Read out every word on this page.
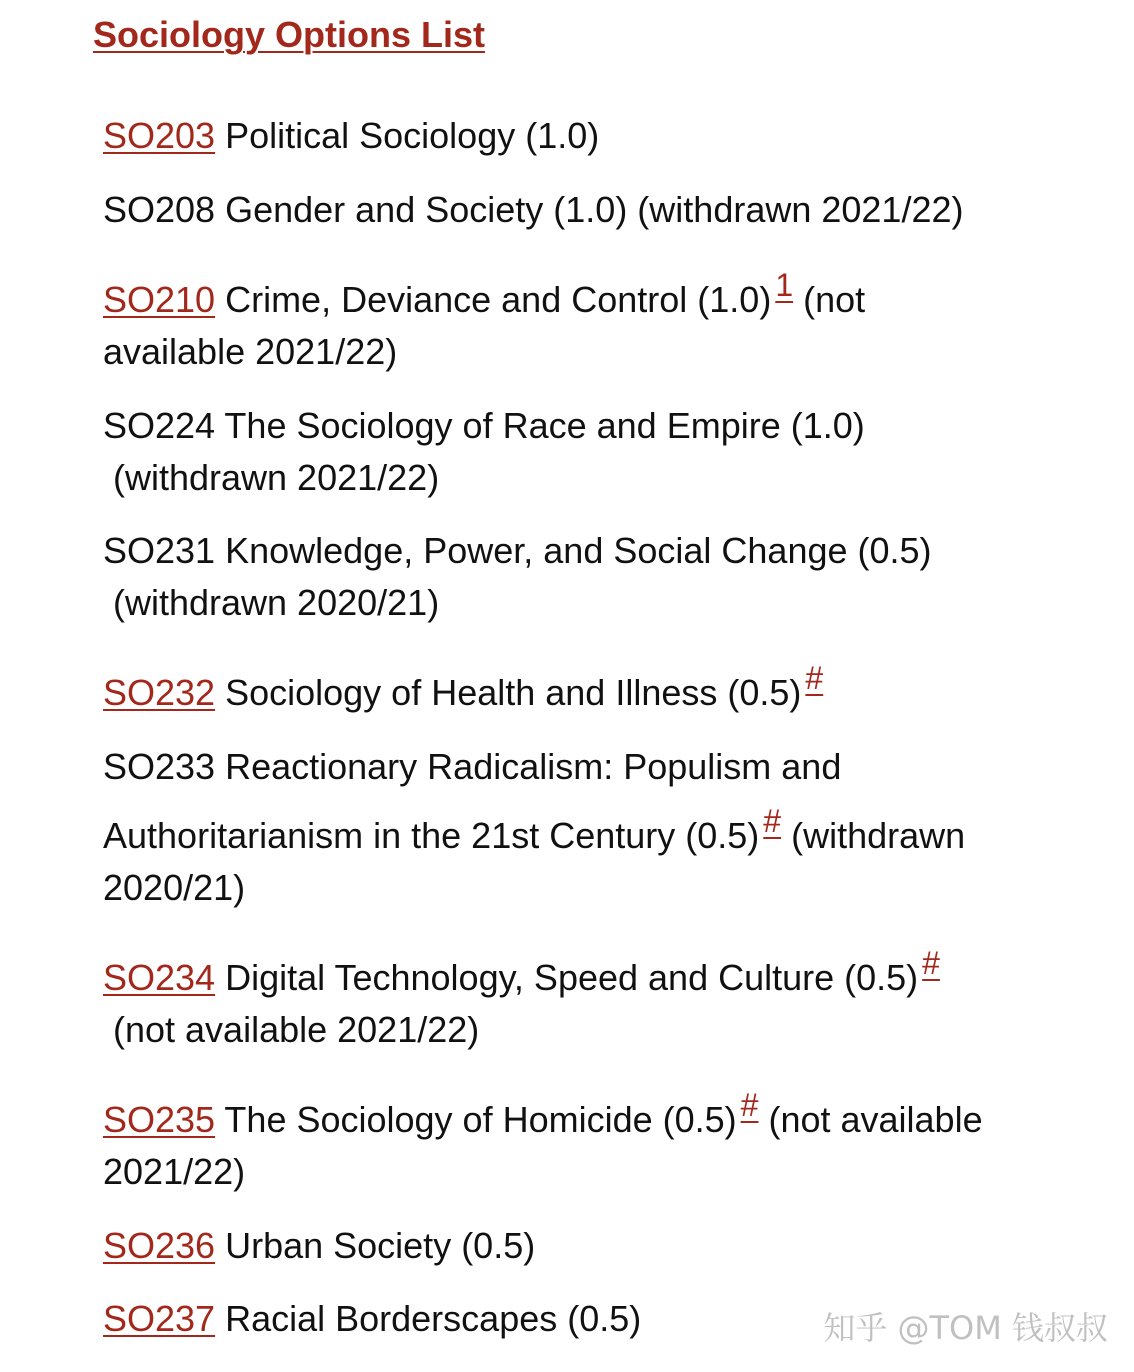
Sociology Options List
SO203 Political Sociology (1.0)
SO208 Gender and Society (1.0) (withdrawn 2021/22)
SO210 Crime, Deviance and Control (1.0) 1 (not
available 2021/22)
SO224 The Sociology of Race and Empire (1.0)
(withdrawn 2021/22)
SO231 Knowledge, Power, and Social Change (0.5)
(withdrawn 2020/21)
SO232 Sociology of Health and Illness (0.5) #
SO233 Reactionary Radicalism: Populism and
Authoritarianism in the 21st Century (0.5) # (withdrawn
2020/21)
SO234 Digital Technology, Speed and Culture (0.5) #
(not available 2021/22)
SO235 The Sociology of Homicide (0.5) # (not available
2021/22)
SO236 Urban Society (0.5)
SO237 Racial Borderscapes (0.5)	知乎 @TOM 钱叔叔
